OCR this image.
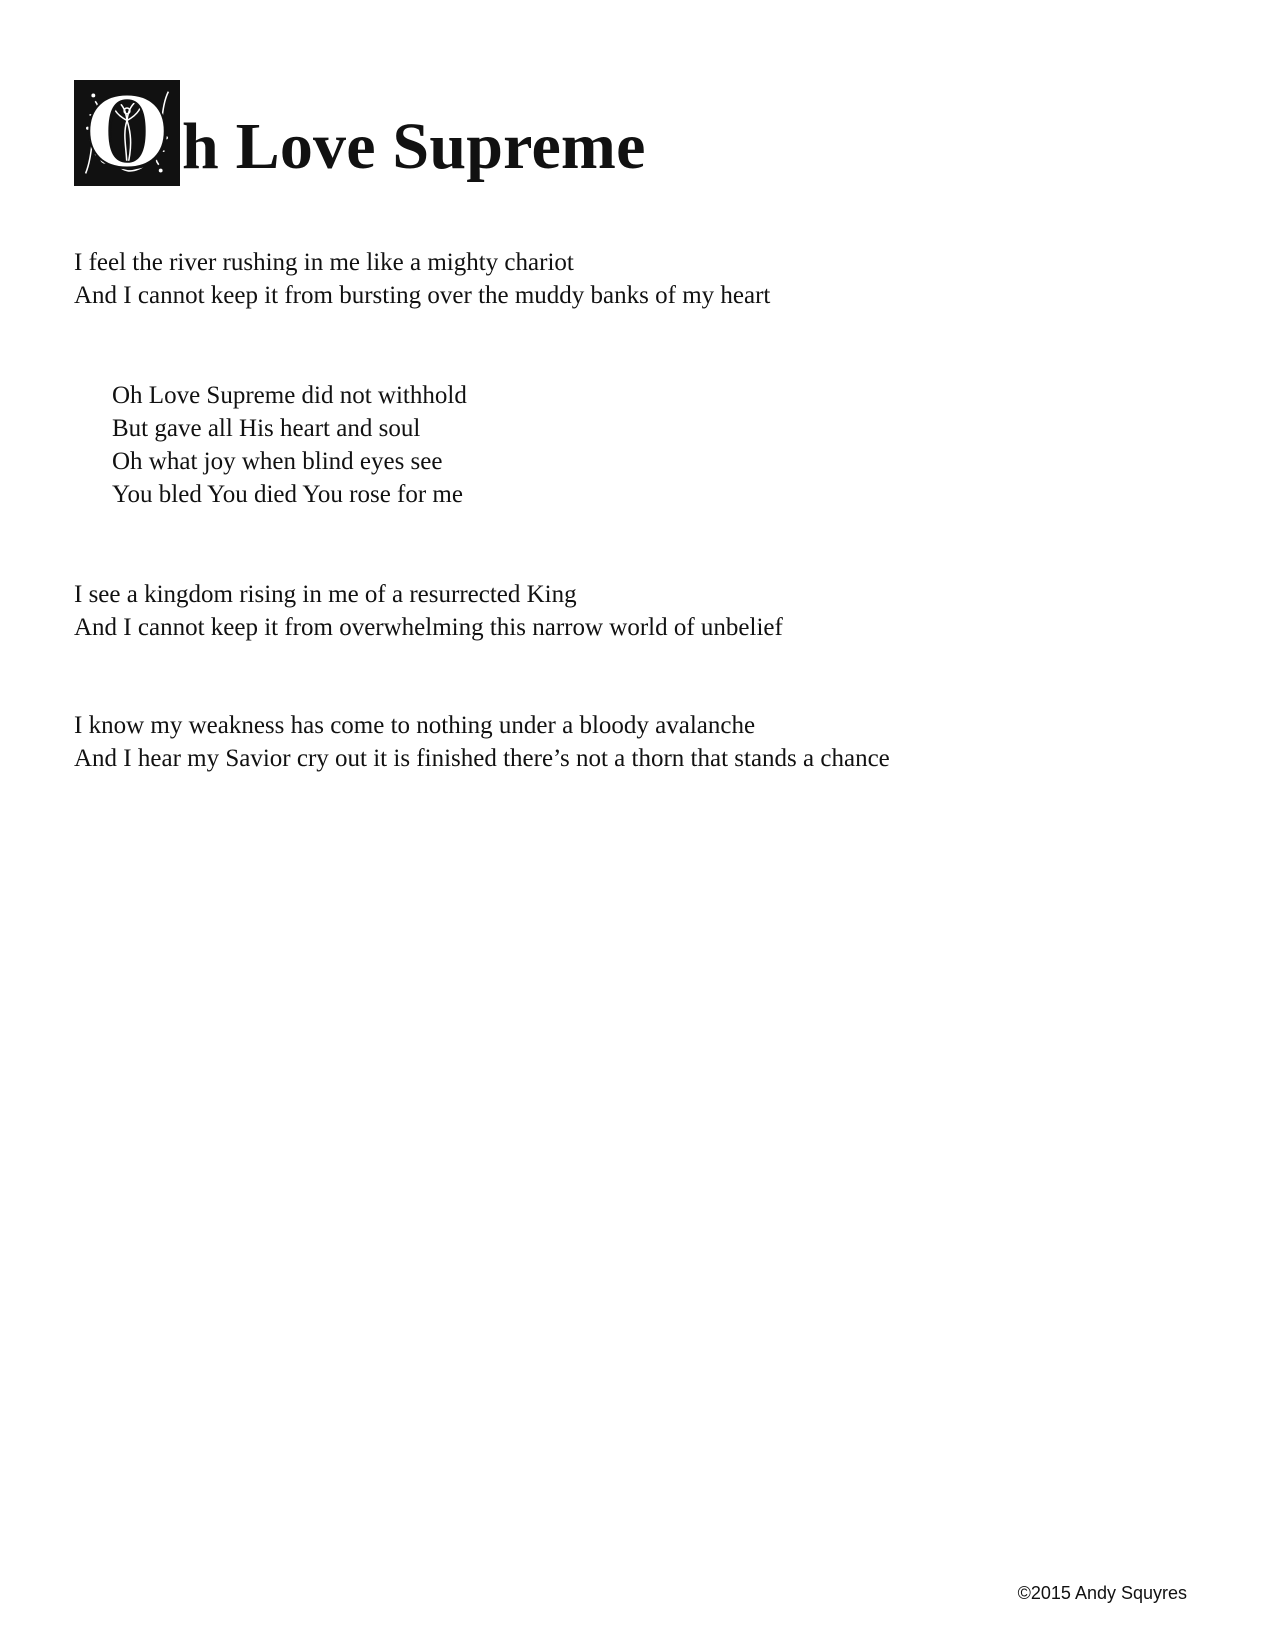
O h Love Supreme
I feel the river rushing in me like a mighty chariot
And I cannot keep it from bursting over the muddy banks of my heart
Oh Love Supreme did not withhold
But gave all His heart and soul
Oh what joy when blind eyes see
You bled You died You rose for me
I see a kingdom rising in me of a resurrected King
And I cannot keep it from overwhelming this narrow world of unbelief
I know my weakness has come to nothing under a bloody avalanche
And I hear my Savior cry out it is finished there’s not a thorn that stands a chance
©2015 Andy Squyres
